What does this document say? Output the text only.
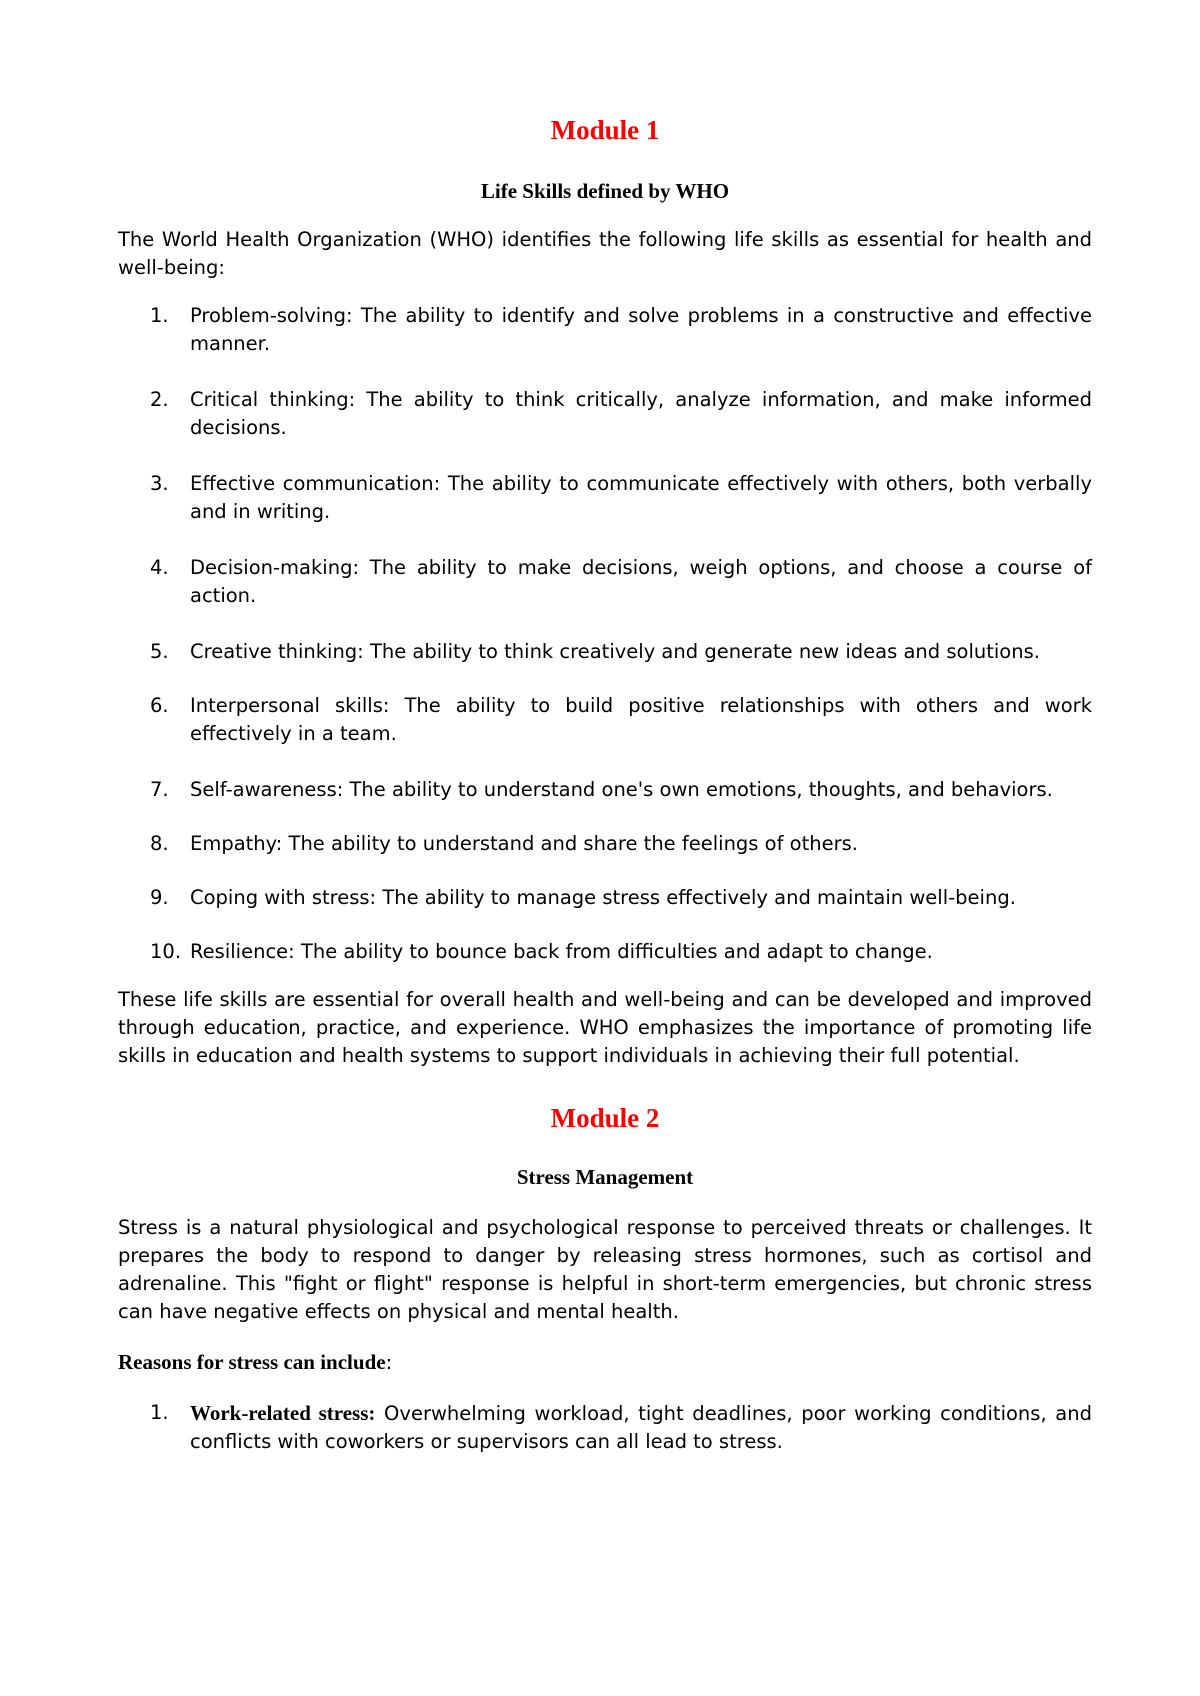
Module 1
Life Skills defined by WHO

The World Health Organization (WHO) identifies the following life skills as essential for health and well-being:

1. Problem-solving: The ability to identify and solve problems in a constructive and effective manner.
2. Critical thinking: The ability to think critically, analyze information, and make informed decisions.
3. Effective communication: The ability to communicate effectively with others, both verbally and in writing.
4. Decision-making: The ability to make decisions, weigh options, and choose a course of action.
5. Creative thinking: The ability to think creatively and generate new ideas and solutions.
6. Interpersonal skills: The ability to build positive relationships with others and work effectively in a team.
7. Self-awareness: The ability to understand one's own emotions, thoughts, and behaviors.
8. Empathy: The ability to understand and share the feelings of others.
9. Coping with stress: The ability to manage stress effectively and maintain well-being.
10. Resilience: The ability to bounce back from difficulties and adapt to change.

These life skills are essential for overall health and well-being and can be developed and improved through education, practice, and experience. WHO emphasizes the importance of promoting life skills in education and health systems to support individuals in achieving their full potential.

Module 2
Stress Management

Stress is a natural physiological and psychological response to perceived threats or challenges. It prepares the body to respond to danger by releasing stress hormones, such as cortisol and adrenaline. This "fight or flight" response is helpful in short-term emergencies, but chronic stress can have negative effects on physical and mental health.

Reasons for stress can include:

1. Work-related stress: Overwhelming workload, tight deadlines, poor working conditions, and conflicts with coworkers or supervisors can all lead to stress.
